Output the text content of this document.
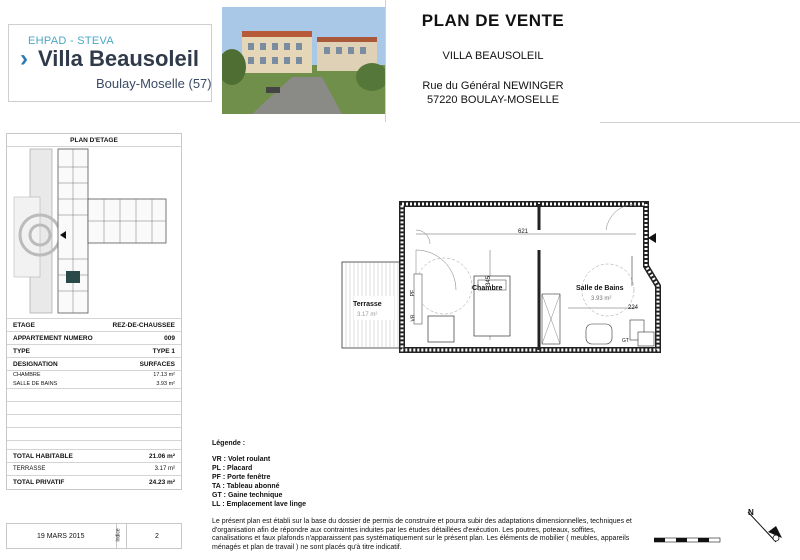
EHPAD - STEVA
› Villa Beausoleil
Boulay-Moselle (57)
PLAN DE VENTE
VILLA BEAUSOLEIL
Rue du Général NEWINGER
57220 BOULAY-MOSELLE
PLAN D'ETAGE
ETAGE	REZ-DE-CHAUSSEE
APPARTEMENT NUMERO	009
TYPE	TYPE 1
DESIGNATION	SURFACES
CHAMBRE	17.13 m²
SALLE DE BAINS	3.93 m²
TOTAL HABITABLE	21.06 m²
TERRASSE	3.17 m²
TOTAL PRIVATIF	24.23 m²
19 MARS 2015	Indice	2
Terrasse
3.17 m²
Chambre	Salle de Bains
3.93 m²
621
345
224
VR
PF
GT
Légende :
VR : Volet roulant
PL : Placard
PF : Porte fenêtre
TA : Tableau abonné
GT : Gaine technique
LL : Emplacement lave linge
Le présent plan est établi sur la base du dossier de permis de construire et pourra subir des adaptations dimensionnelles, techniques et d'organisation afin de répondre aux contraintes induites par les études détaillées d'exécution. Les poutres, poteaux, soffites, canalisations et faux plafonds n'apparaissent pas systématiquement sur le présent plan. Les éléments de mobilier ( meubles, appareils ménagés et plan de travail ) ne sont placés qu'à titre indicatif.
N
